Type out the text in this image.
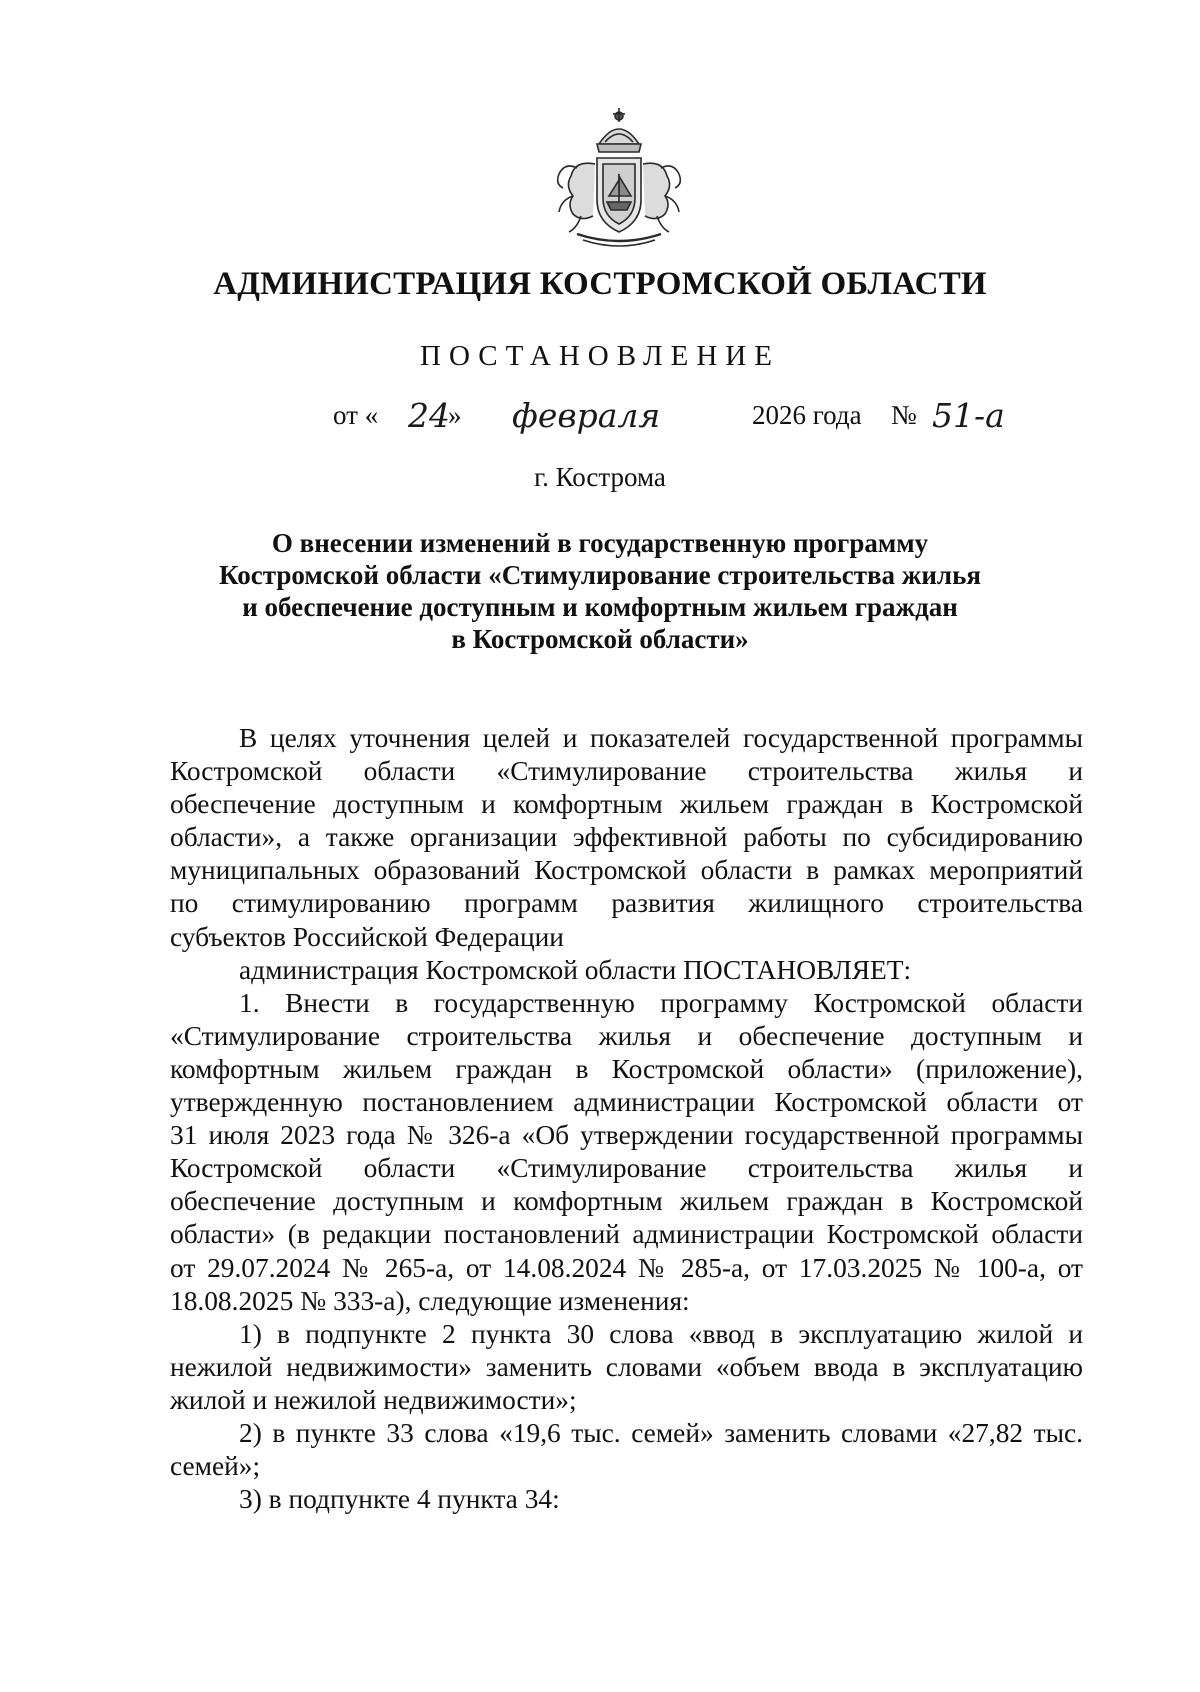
АДМИНИСТРАЦИЯ КОСТРОМСКОЙ ОБЛАСТИ
ПОСТАНОВЛЕНИЕ
от « 24
» февраля	2026 года № 51-а
г. Кострома
О внесении изменений в государственную программу
Костромской области «Стимулирование строительства жилья
и обеспечение доступным и комфортным жильем граждан
в Костромской области»
В целях уточнения целей и показателей государственной программы
Костромской области «Стимулирование строительства жилья и
обеспечение доступным и комфортным жильем граждан в Костромской
области», а также организации эффективной работы по субсидированию
муниципальных образований Костромской области в рамках мероприятий
по стимулированию программ развития жилищного строительства
субъектов Российской Федерации
администрация Костромской области ПОСТАНОВЛЯЕТ:
1. Внести в государственную программу Костромской области
«Стимулирование строительства жилья и обеспечение доступным и
комфортным жильем граждан в Костромской области» (приложение),
утвержденную постановлением администрации Костромской области от
31 июля 2023 года № 326-а «Об утверждении государственной программы
Костромской области «Стимулирование строительства жилья и
обеспечение доступным и комфортным жильем граждан в Костромской
области» (в редакции постановлений администрации Костромской области
от 29.07.2024 № 265-а, от 14.08.2024 № 285-а, от 17.03.2025 № 100-а, от
18.08.2025 № 333-а), следующие изменения:
1) в подпункте 2 пункта 30 слова «ввод в эксплуатацию жилой и
нежилой недвижимости» заменить словами «объем ввода в эксплуатацию
жилой и нежилой недвижимости»;
2) в пункте 33 слова «19,6 тыс. семей» заменить словами «27,82 тыс.
семей»;
3) в подпункте 4 пункта 34:
